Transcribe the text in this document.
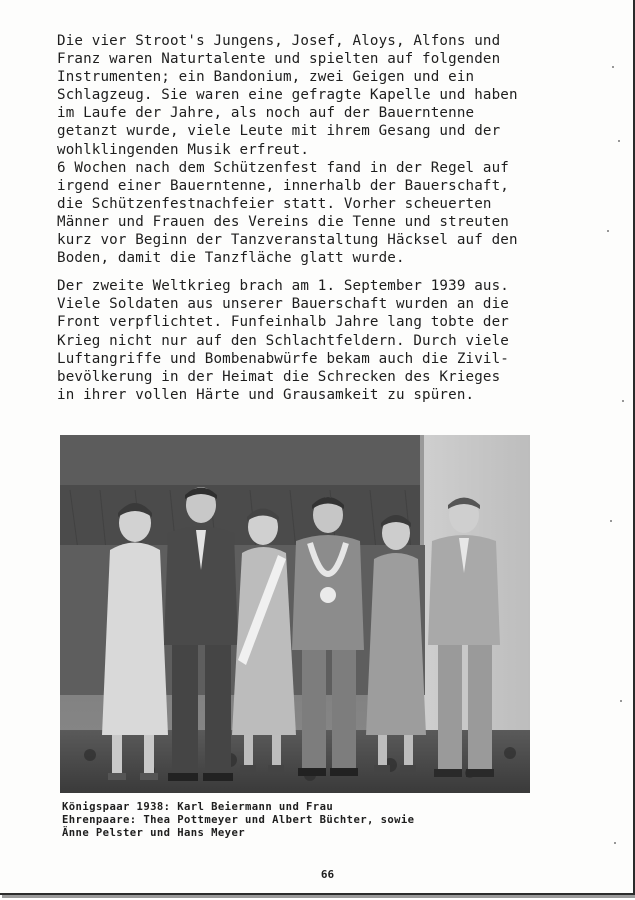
Die vier Stroot's Jungens, Josef, Aloys, Alfons und
Franz waren Naturtalente und spielten auf folgenden
Instrumenten; ein Bandonium, zwei Geigen und ein
Schlagzeug. Sie waren eine gefragte Kapelle und haben
im Laufe der Jahre, als noch auf der Bauerntenne
getanzt wurde, viele Leute mit ihrem Gesang und der
wohlklingenden Musik erfreut.
6 Wochen nach dem Schützenfest fand in der Regel auf
irgend einer Bauerntenne, innerhalb der Bauerschaft,
die Schützenfestnachfeier statt. Vorher scheuerten
Männer und Frauen des Vereins die Tenne und streuten
kurz vor Beginn der Tanzveranstaltung Häcksel auf den
Boden, damit die Tanzfläche glatt wurde.

Der zweite Weltkrieg brach am 1. September 1939 aus.
Viele Soldaten aus unserer Bauerschaft wurden an die
Front verpflichtet. Funfeinhalb Jahre lang tobte der
Krieg nicht nur auf den Schlachtfeldern. Durch viele
Luftangriffe und Bombenabwürfe bekam auch die Zivil-
bevölkerung in der Heimat die Schrecken des Krieges
in ihrer vollen Härte und Grausamkeit zu spüren.

Königspaar 1938: Karl Beiermann und Frau
Ehrenpaare: Thea Pottmeyer und Albert Büchter, sowie
Änne Pelster und Hans Meyer
66
